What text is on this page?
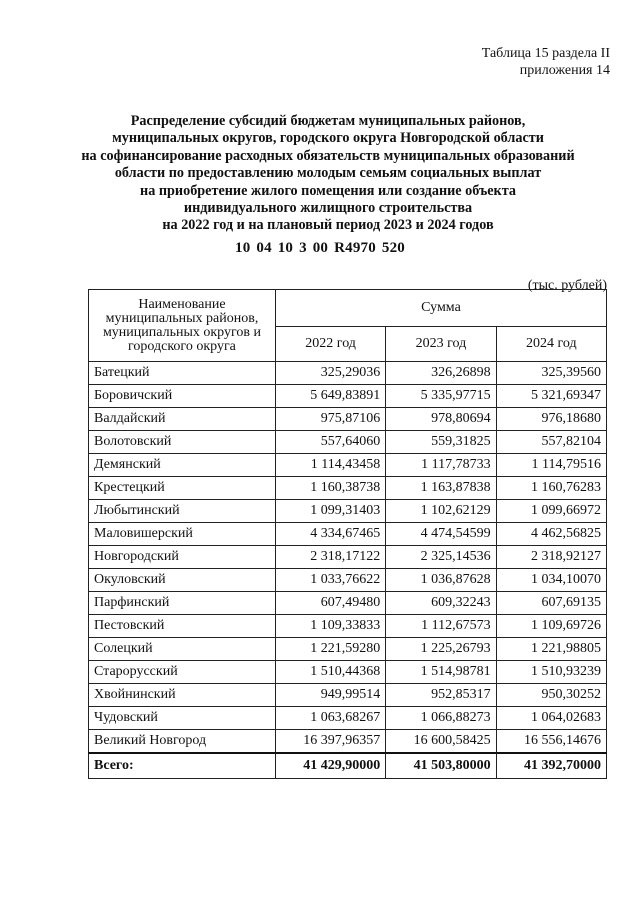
Таблица 15 раздела II
приложения 14
Распределение субсидий бюджетам муниципальных районов,
муниципальных округов, городского округа Новгородской области
на софинансирование расходных обязательств муниципальных образований
области по предоставлению молодым семьям социальных выплат
на приобретение жилого помещения или создание объекта
индивидуального жилищного строительства
на 2022 год и на плановый период 2023 и 2024 годов
10 04 10 3 00 R4970 520
(тыс. рублей)
Наименование муниципальных районов, муниципальных округов и городского округа	Сумма		
	2022 год	2023 год	2024 год
Батецкий	325,29036	326,26898	325,39560
Боровичский	5 649,83891	5 335,97715	5 321,69347
Валдайский	975,87106	978,80694	976,18680
Волотовский	557,64060	559,31825	557,82104
Демянский	1 114,43458	1 117,78733	1 114,79516
Крестецкий	1 160,38738	1 163,87838	1 160,76283
Любытинский	1 099,31403	1 102,62129	1 099,66972
Маловишерский	4 334,67465	4 474,54599	4 462,56825
Новгородский	2 318,17122	2 325,14536	2 318,92127
Окуловский	1 033,76622	1 036,87628	1 034,10070
Парфинский	607,49480	609,32243	607,69135
Пестовский	1 109,33833	1 112,67573	1 109,69726
Солецкий	1 221,59280	1 225,26793	1 221,98805
Старорусский	1 510,44368	1 514,98781	1 510,93239
Хвойнинский	949,99514	952,85317	950,30252
Чудовский	1 063,68267	1 066,88273	1 064,02683
Великий Новгород	16 397,96357	16 600,58425	16 556,14676
Всего:	41 429,90000	41 503,80000	41 392,70000
